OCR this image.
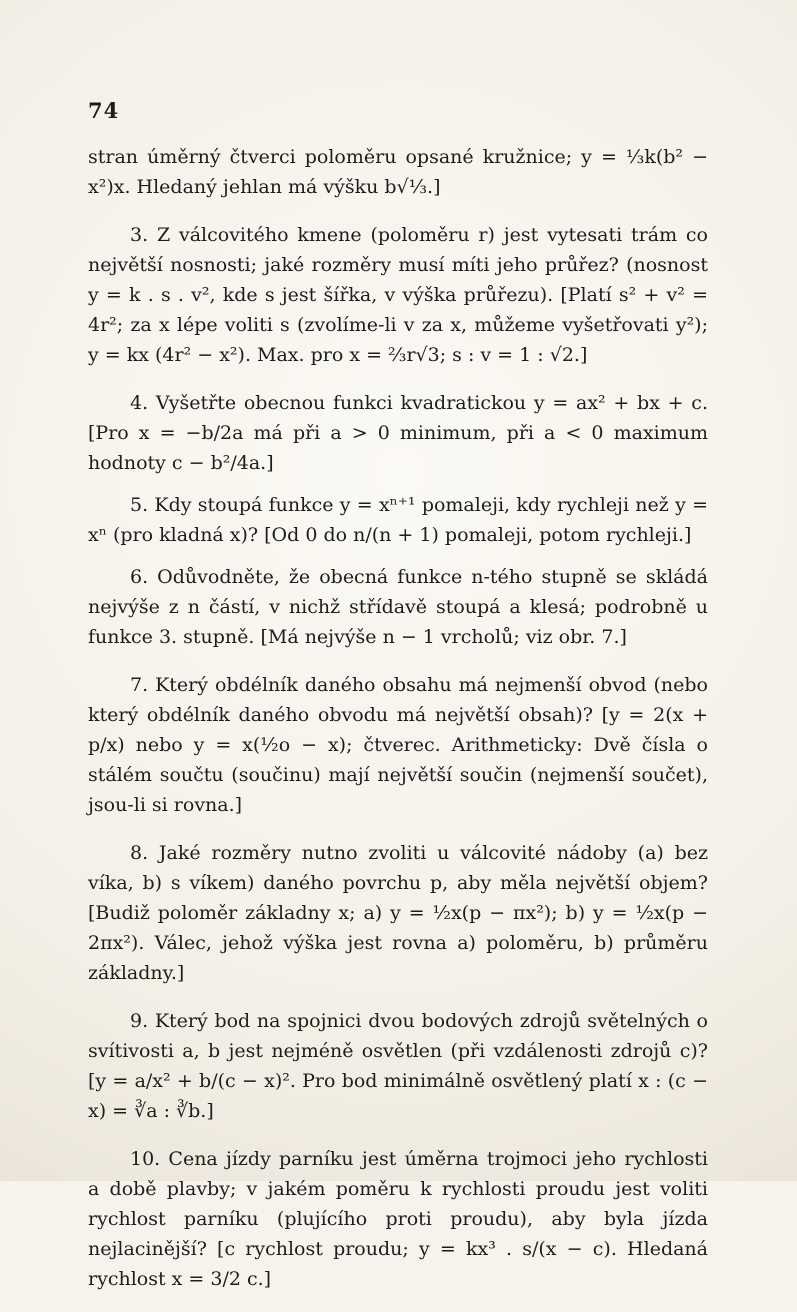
74

stran úměrný čtverci poloměru opsané kružnice; y = ⅓k(b² − x²)x. Hledaný jehlan má výšku b√⅓.]

3. Z válcovitého kmene (poloměru r) jest vytesati trám co největší nosnosti; jaké rozměry musí míti jeho průřez? (nosnost y = k . s . v², kde s jest šířka, v výška průřezu). [Platí s² + v² = 4r²; za x lépe voliti s (zvolíme-li v za x, můžeme vyšetřovati y²); y = kx (4r² − x²). Max. pro x = ⅔r√3; s : v = 1 : √2.]

4. Vyšetřte obecnou funkci kvadratickou y = ax² + bx + c. [Pro x = −b/2a má při a > 0 minimum, při a < 0 maximum hodnoty c − b²/4a.]

5. Kdy stoupá funkce y = xⁿ⁺¹ pomaleji, kdy rychleji než y = xⁿ (pro kladná x)? [Od 0 do n/(n + 1) pomaleji, potom rychleji.]

6. Odůvodněte, že obecná funkce n-tého stupně se skládá nejvýše z n částí, v nichž střídavě stoupá a klesá; podrobně u funkce 3. stupně. [Má nejvýše n − 1 vrcholů; viz obr. 7.]

7. Který obdélník daného obsahu má nejmenší obvod (nebo který obdélník daného obvodu má největší obsah)? [y = 2(x + p/x) nebo y = x(½o − x); čtverec. Arithmeticky: Dvě čísla o stálém součtu (součinu) mají největší součin (nejmenší součet), jsou-li si rovna.]

8. Jaké rozměry nutno zvoliti u válcovité nádoby (a) bez víka, b) s víkem) daného povrchu p, aby měla největší objem? [Budiž poloměr základny x; a) y = ½x(p − πx²); b) y = ½x(p − 2πx²). Válec, jehož výška jest rovna a) poloměru, b) průměru základny.]

9. Který bod na spojnici dvou bodových zdrojů světelných o svítivosti a, b jest nejméně osvětlen (při vzdálenosti zdrojů c)? [y = a/x² + b/(c − x)². Pro bod minimálně osvětlený platí x : (c − x) = ∛a : ∛b.]

10. Cena jízdy parníku jest úměrna trojmoci jeho rychlosti a době plavby; v jakém poměru k rychlosti proudu jest voliti rychlost parníku (plujícího proti proudu), aby byla jízda nejlacinější? [c rychlost proudu; y = kx³ . s/(x − c). Hledaná rychlost x = 3/2 c.]
